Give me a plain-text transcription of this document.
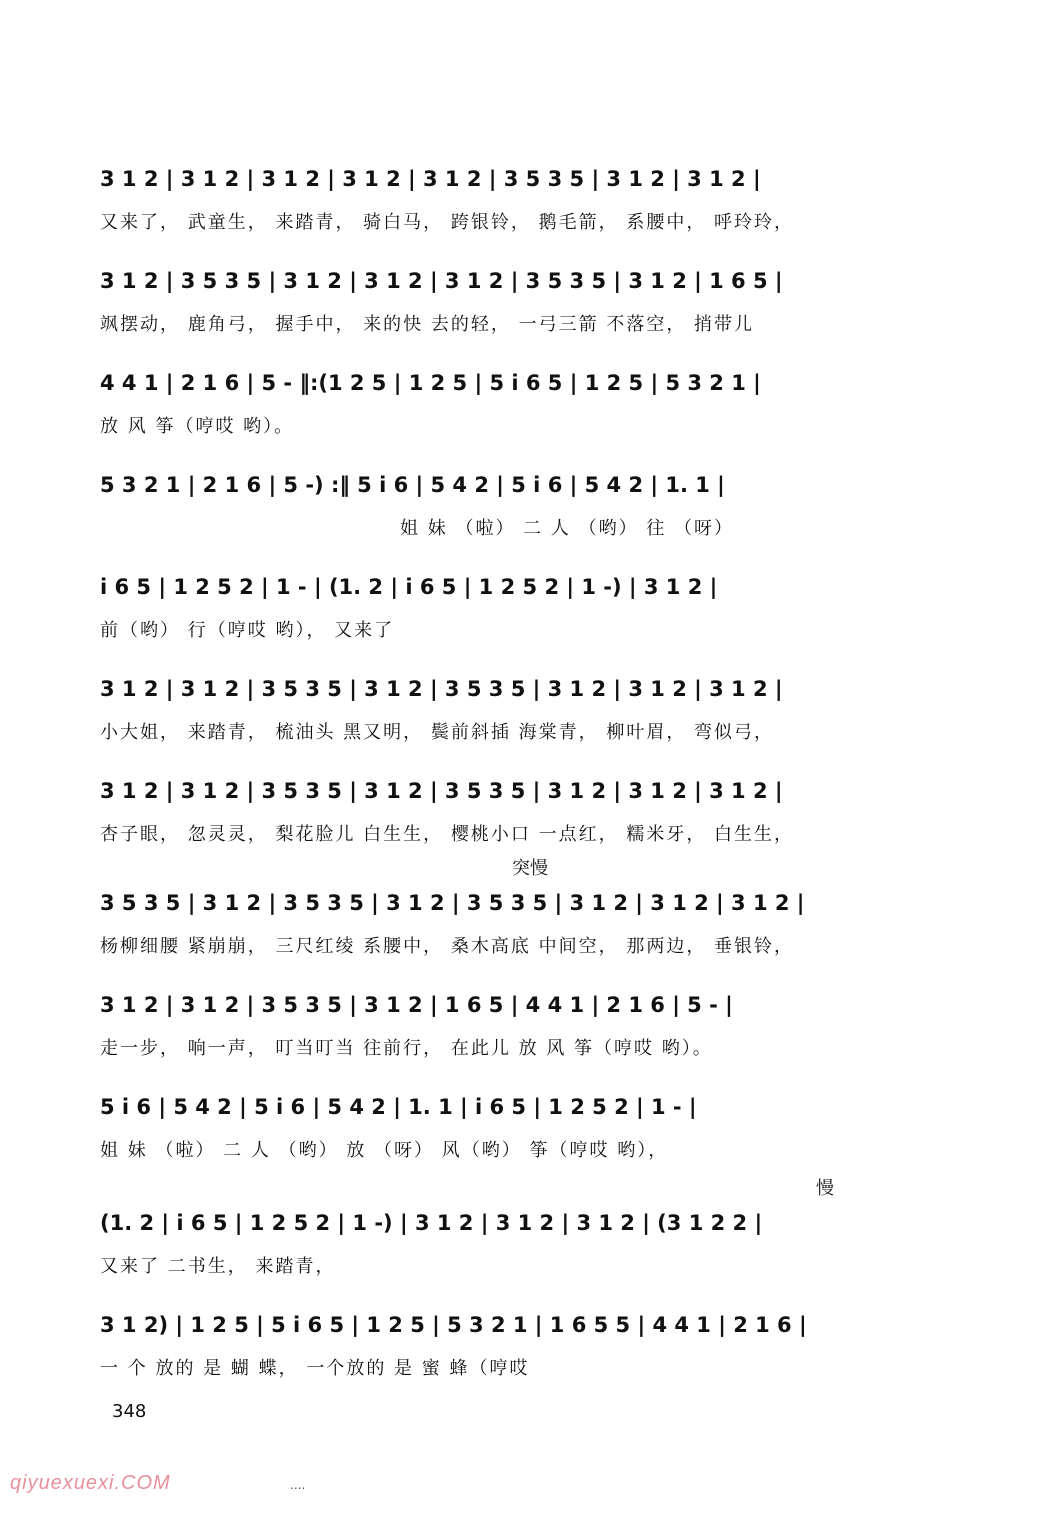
3 1 2 | 3 1 2 | 3 1 2 | 3 1 2 | 3 1 2 | 3 5 3 5 | 3 1 2 | 3 1 2 |
又来了， 武童生， 来踏青， 骑白马， 跨银铃， 鹅毛箭， 系腰中， 呼玲玲，
3 1 2 | 3 5 3 5 | 3 1 2 | 3 1 2 | 3 1 2 | 3 5 3 5 | 3 1 2 | 1 6 5 |
飒摆动， 鹿角弓， 握手中， 来的快 去的轻， 一弓三箭 不落空， 捎带儿
4 4 1 | 2 1 6 | 5 - ‖:(1 2 5 | 1 2 5 | 5 i 6 5 | 1 2 5 | 5 3 2 1 |
放 风 筝（哼哎 哟）。
5 3 2 1 | 2 1 6 | 5 -) :‖ 5 i 6 | 5 4 2 | 5 i 6 | 5 4 2 | 1. 1 |
姐 妹 （啦） 二 人 （哟） 往 （呀）
i 6 5 | 1 2 5 2 | 1 - | (1. 2 | i 6 5 | 1 2 5 2 | 1 -) | 3 1 2 |
前（哟） 行（哼哎 哟）， 又来了
3 1 2 | 3 1 2 | 3 5 3 5 | 3 1 2 | 3 5 3 5 | 3 1 2 | 3 1 2 | 3 1 2 |
小大姐， 来踏青， 梳油头 黑又明， 鬓前斜插 海棠青， 柳叶眉， 弯似弓，
3 1 2 | 3 1 2 | 3 5 3 5 | 3 1 2 | 3 5 3 5 | 3 1 2 | 3 1 2 | 3 1 2 |
杏子眼， 忽灵灵， 梨花脸儿 白生生， 樱桃小口 一点红， 糯米牙， 白生生，
突慢
3 5 3 5 | 3 1 2 | 3 5 3 5 | 3 1 2 | 3 5 3 5 | 3 1 2 | 3 1 2 | 3 1 2 |
杨柳细腰 紧崩崩， 三尺红绫 系腰中， 桑木高底 中间空， 那两边， 垂银铃，
3 1 2 | 3 1 2 | 3 5 3 5 | 3 1 2 | 1 6 5 | 4 4 1 | 2 1 6 | 5 - |
走一步， 响一声， 叮当叮当 往前行， 在此儿 放 风 筝（哼哎 哟）。
5 i 6 | 5 4 2 | 5 i 6 | 5 4 2 | 1. 1 | i 6 5 | 1 2 5 2 | 1 - |
姐 妹 （啦） 二 人 （哟） 放 （呀） 风（哟） 筝（哼哎 哟），
慢
(1. 2 | i 6 5 | 1 2 5 2 | 1 -) | 3 1 2 | 3 1 2 | 3 1 2 | (3 1 2 2 |
又来了 二书生， 来踏青，
3 1 2) | 1 2 5 | 5 i 6 5 | 1 2 5 | 5 3 2 1 | 1 6 5 5 | 4 4 1 | 2 1 6 |
一 个 放的 是 蝴 蝶， 一个放的 是 蜜 蜂（哼哎
348
qiyuexuexi.COM	....
